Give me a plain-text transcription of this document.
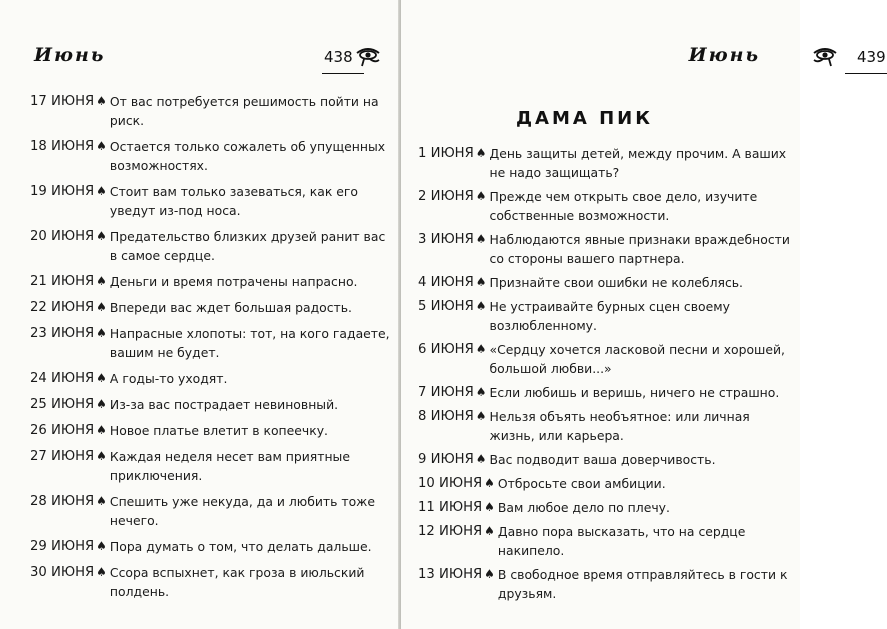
Июнь	438
17 ИЮНЯ ♠ От вас потребуется решимость пойти на риск.
18 ИЮНЯ ♠ Остается только сожалеть об упущенных возможностях.
19 ИЮНЯ ♠ Стоит вам только зазеваться, как его уведут из-под носа.
20 ИЮНЯ ♠ Предательство близких друзей ранит вас в самое сердце.
21 ИЮНЯ ♠ Деньги и время потрачены напрасно.
22 ИЮНЯ ♠ Впереди вас ждет большая радость.
23 ИЮНЯ ♠ Напрасные хлопоты: тот, на кого гадаете, вашим не будет.
24 ИЮНЯ ♠ А годы-то уходят.
25 ИЮНЯ ♠ Из-за вас пострадает невиновный.
26 ИЮНЯ ♠ Новое платье влетит в копеечку.
27 ИЮНЯ ♠ Каждая неделя несет вам приятные приключения.
28 ИЮНЯ ♠ Спешить уже некуда, да и любить тоже нечего.
29 ИЮНЯ ♠ Пора думать о том, что делать дальше.
30 ИЮНЯ ♠ Ссора вспыхнет, как гроза в июльский полдень.
439
Июнь
ДАМА ПИК
1 ИЮНЯ ♠ День защиты детей, между прочим. А ваших не надо защищать?
2 ИЮНЯ ♠ Прежде чем открыть свое дело, изучите собственные возможности.
3 ИЮНЯ ♠ Наблюдаются явные признаки враждебности со стороны вашего партнера.
4 ИЮНЯ ♠ Признайте свои ошибки не колеблясь.
5 ИЮНЯ ♠ Не устраивайте бурных сцен своему возлюбленному.
6 ИЮНЯ ♠ «Сердцу хочется ласковой песни и хорошей, большой любви...»
7 ИЮНЯ ♠ Если любишь и веришь, ничего не страшно.
8 ИЮНЯ ♠ Нельзя объять необъятное: или личная жизнь, или карьера.
9 ИЮНЯ ♠ Вас подводит ваша доверчивость.
10 ИЮНЯ ♠ Отбросьте свои амбиции.
11 ИЮНЯ ♠ Вам любое дело по плечу.
12 ИЮНЯ ♠ Давно пора высказать, что на сердце накипело.
13 ИЮНЯ ♠ В свободное время отправляйтесь в гости к друзьям.
